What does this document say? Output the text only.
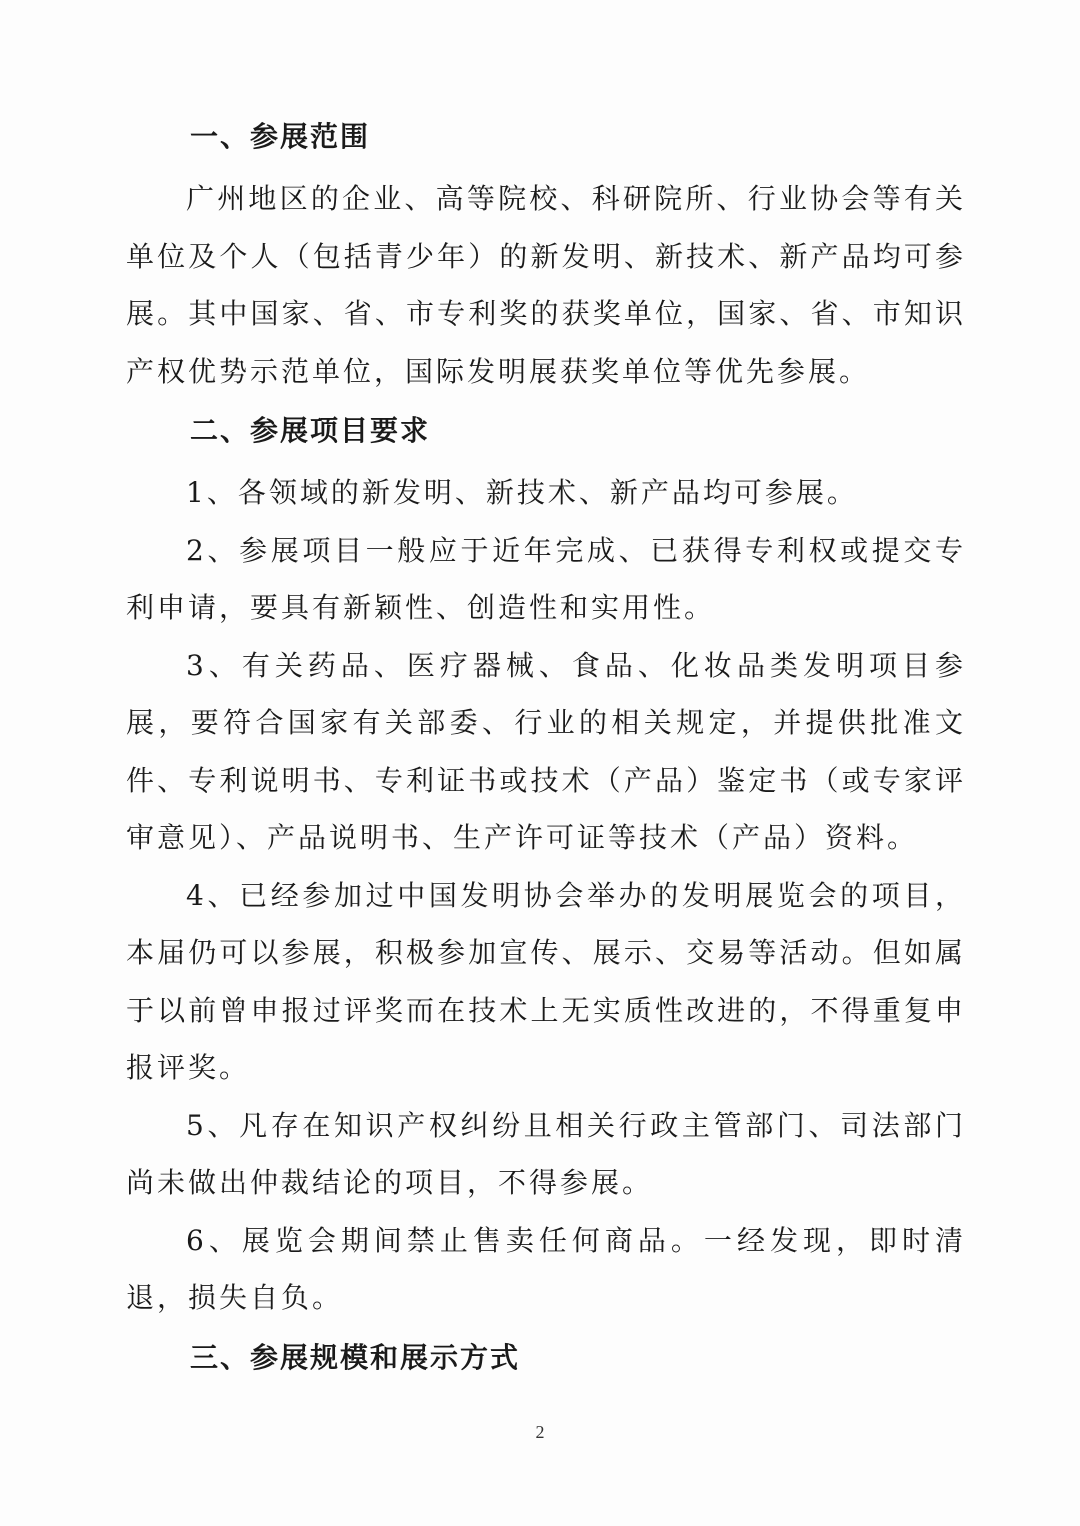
一、参展范围

广州地区的企业、高等院校、科研院所、行业协会等有关单位及个人（包括青少年）的新发明、新技术、新产品均可参展。其中国家、省、市专利奖的获奖单位，国家、省、市知识产权优势示范单位，国际发明展获奖单位等优先参展。

二、参展项目要求

1、各领域的新发明、新技术、新产品均可参展。

2、参展项目一般应于近年完成、已获得专利权或提交专利申请，要具有新颖性、创造性和实用性。

3、有关药品、医疗器械、食品、化妆品类发明项目参展，要符合国家有关部委、行业的相关规定，并提供批准文件、专利说明书、专利证书或技术（产品）鉴定书（或专家评审意见）、产品说明书、生产许可证等技术（产品）资料。

4、已经参加过中国发明协会举办的发明展览会的项目，本届仍可以参展，积极参加宣传、展示、交易等活动。但如属于以前曾申报过评奖而在技术上无实质性改进的，不得重复申报评奖。

5、凡存在知识产权纠纷且相关行政主管部门、司法部门尚未做出仲裁结论的项目，不得参展。

6、展览会期间禁止售卖任何商品。一经发现，即时清退，损失自负。

三、参展规模和展示方式
2
